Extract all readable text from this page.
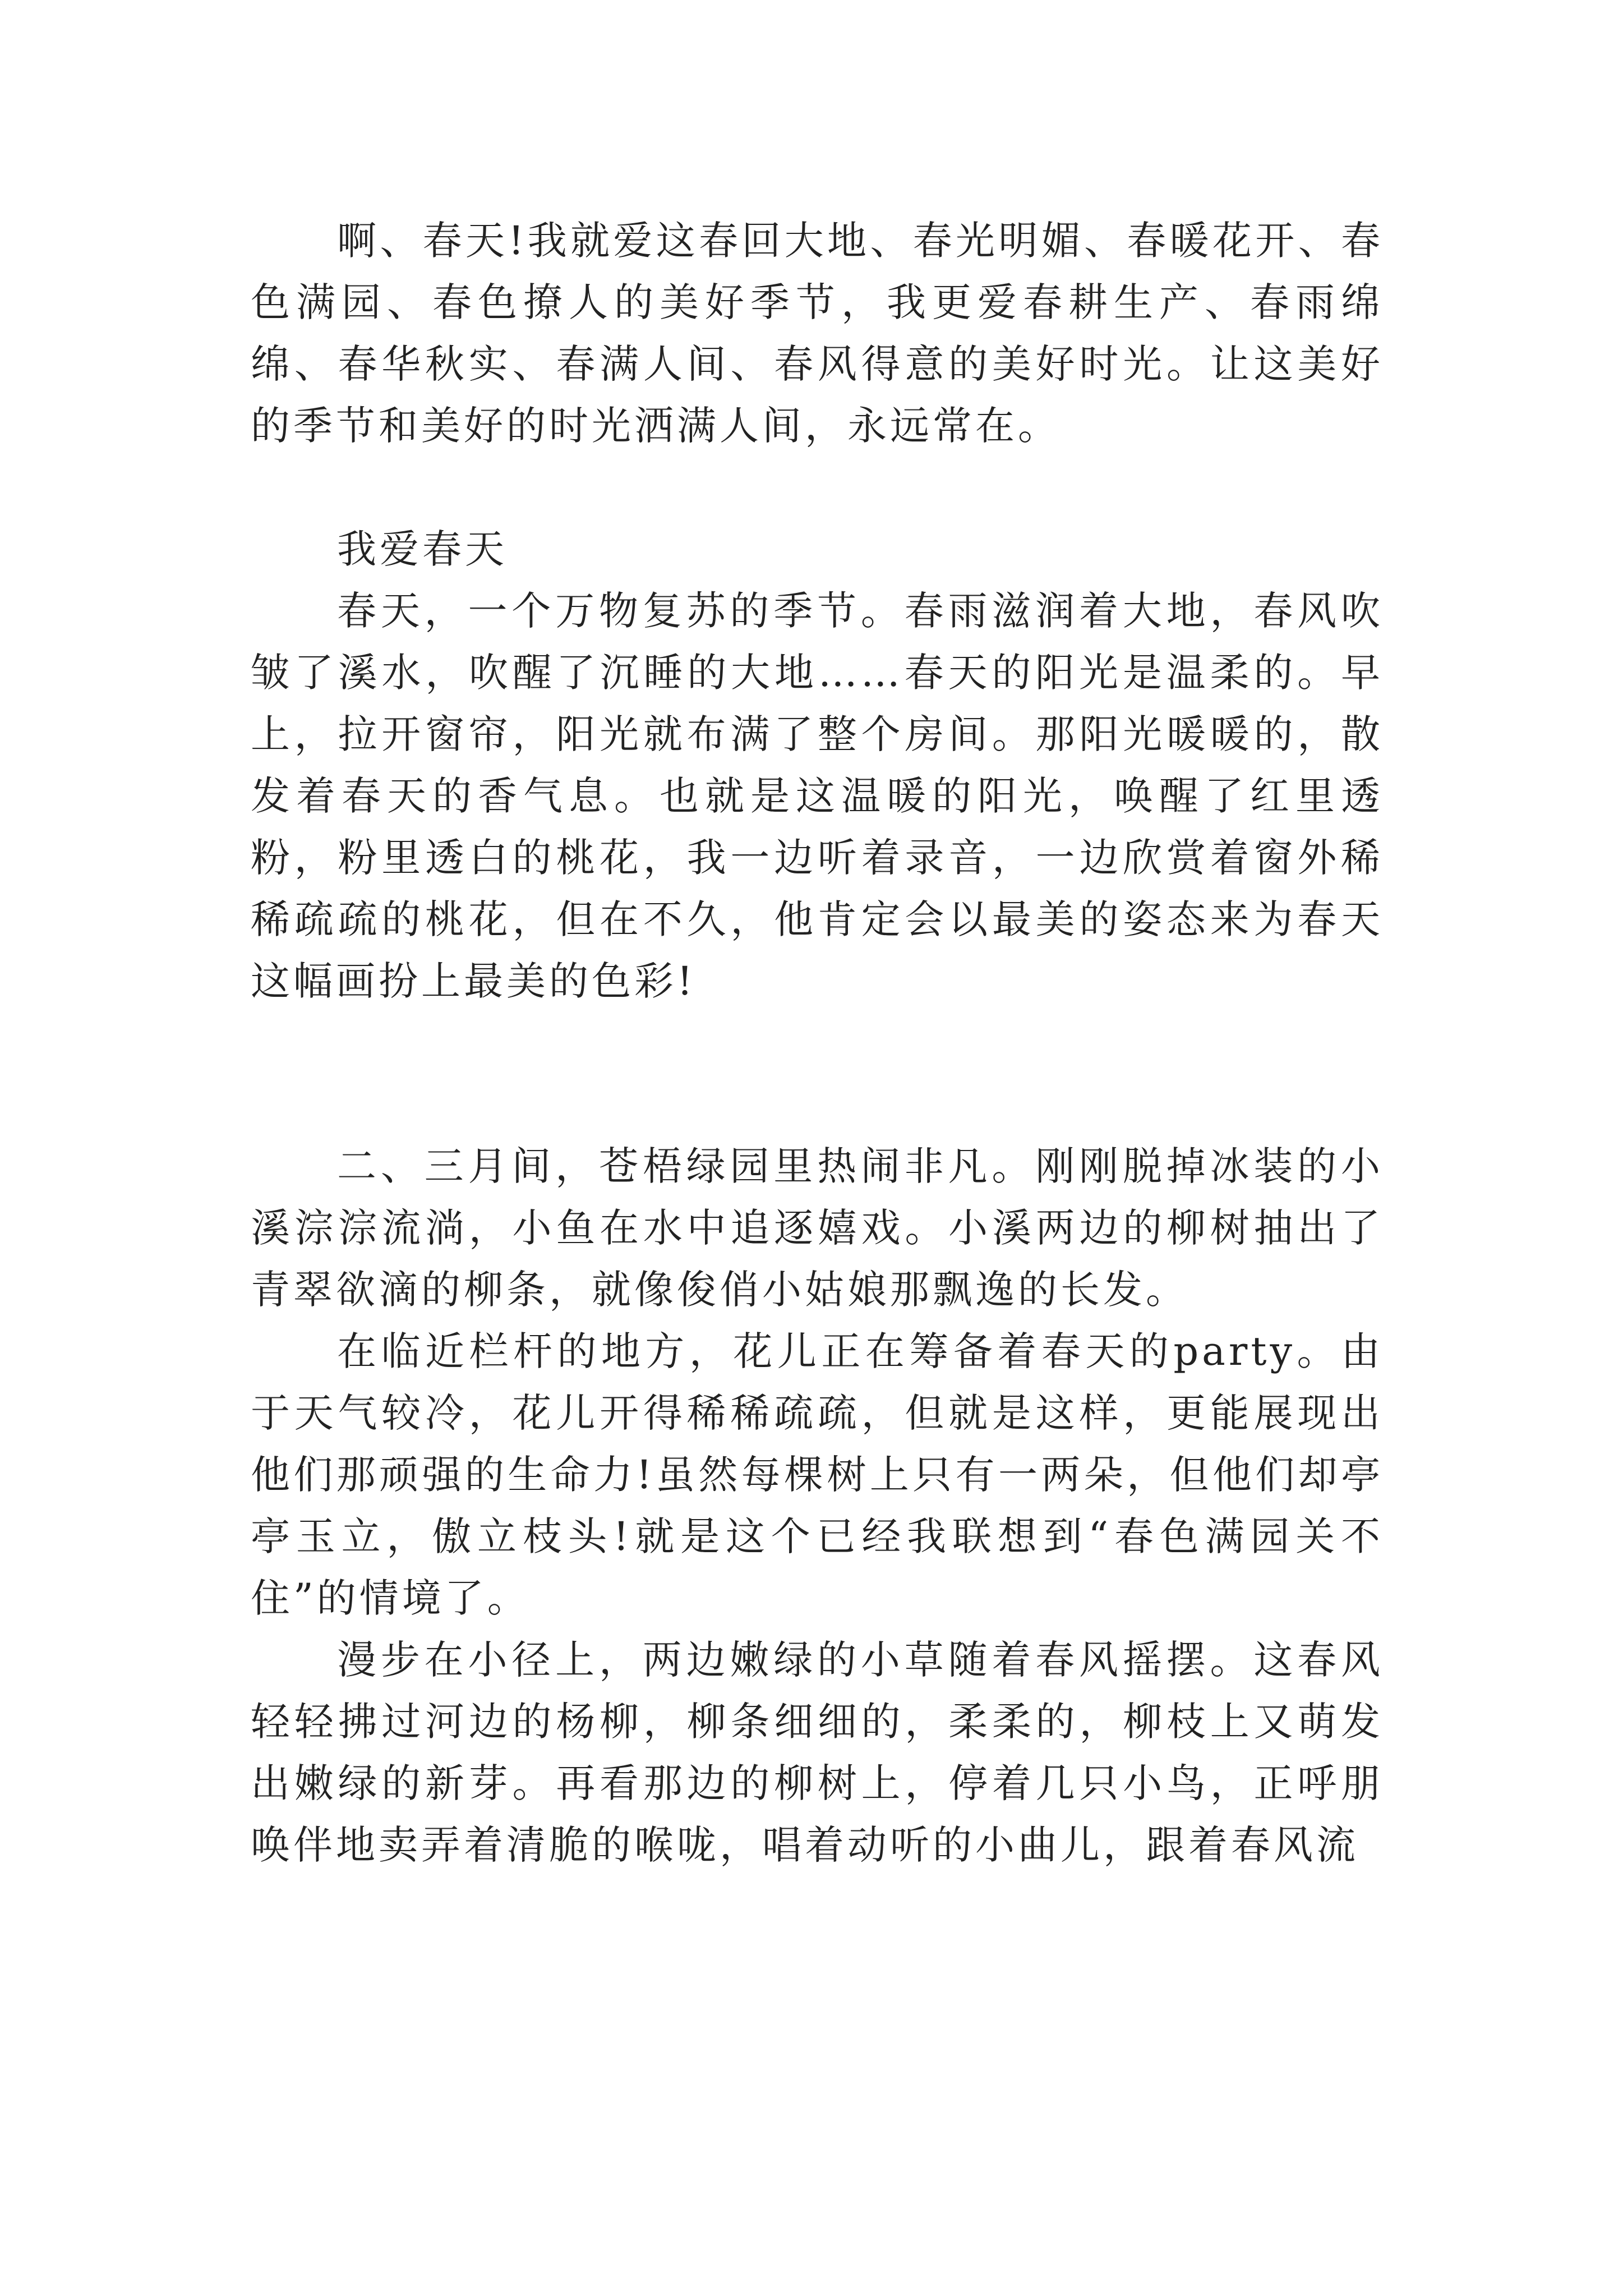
啊、春天!我就爱这春回大地、春光明媚、春暖花开、春色满园、春色撩人的美好季节，我更爱春耕生产、春雨绵绵、春华秋实、春满人间、春风得意的美好时光。让这美好的季节和美好的时光洒满人间，永远常在。

我爱春天

春天，一个万物复苏的季节。春雨滋润着大地，春风吹皱了溪水，吹醒了沉睡的大地……春天的阳光是温柔的。早上，拉开窗帘，阳光就布满了整个房间。那阳光暖暖的，散发着春天的香气息。也就是这温暖的阳光，唤醒了红里透粉，粉里透白的桃花，我一边听着录音，一边欣赏着窗外稀稀疏疏的桃花，但在不久，他肯定会以最美的姿态来为春天这幅画扮上最美的色彩!

二、三月间，苍梧绿园里热闹非凡。刚刚脱掉冰装的小溪淙淙流淌，小鱼在水中追逐嬉戏。小溪两边的柳树抽出了青翠欲滴的柳条，就像俊俏小姑娘那飘逸的长发。

在临近栏杆的地方，花儿正在筹备着春天的party。由于天气较冷，花儿开得稀稀疏疏，但就是这样，更能展现出他们那顽强的生命力!虽然每棵树上只有一两朵，但他们却亭亭玉立，傲立枝头!就是这个已经我联想到“春色满园关不住”的情境了。

漫步在小径上，两边嫩绿的小草随着春风摇摆。这春风轻轻拂过河边的杨柳，柳条细细的，柔柔的，柳枝上又萌发出嫩绿的新芽。再看那边的柳树上，停着几只小鸟，正呼朋唤伴地卖弄着清脆的喉咙，唱着动听的小曲儿，跟着春风流
